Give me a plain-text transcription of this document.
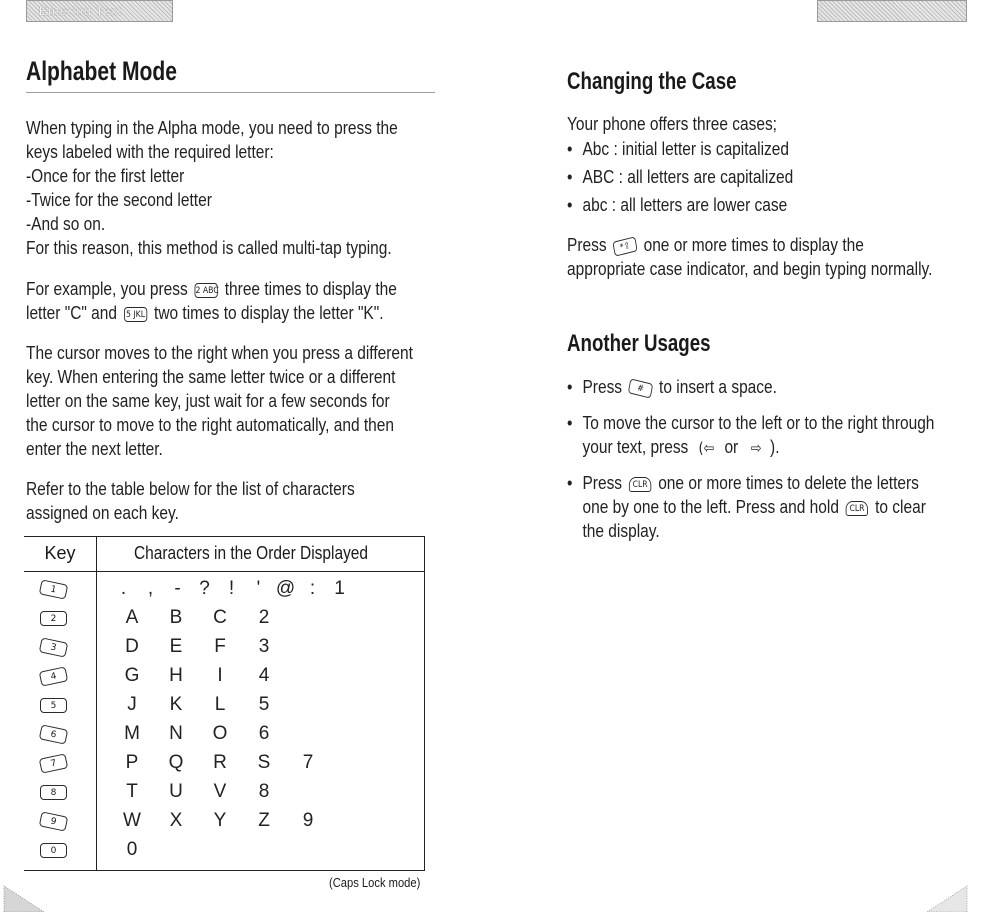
Entering Text
Alphabet Mode

When typing in the Alpha mode, you need to press the

keys labeled with the required letter:

-Once for the first letter

-Twice for the second letter

-And so on.

For this reason, this method is called multi-tap typing.

For example, you press 2 ABC three times to display the

letter "C" and 5 JKL two times to display the letter "K".

The cursor moves to the right when you press a different

key. When entering the same letter twice or a different

letter on the same key, just wait for a few seconds for

the cursor to move to the right automatically, and then

enter the next letter.

Refer to the table below for the list of characters

assigned on each key.

Key	Characters in the Order Displayed
1	. , - ? ! ' @ : 1
2	A B C 2
3	D E F 3
4	G H I 4
5	J K L 5
6	M N O 6
7	P Q R S 7
8	T U V 8
9	W X Y Z 9
0	0
(Caps Lock mode)
Changing the Case

Your phone offers three cases;

• Abc : initial letter is capitalized

• ABC : all letters are capitalized

• abc : all letters are lower case

Press *⇧ one or more times to display the

appropriate case indicator, and begin typing normally.

Another Usages

• Press # to insert a space.

• To move the cursor to the left or to the right through

your text, press (⇦ or ⇨ ).

• Press CLR one or more times to delete the letters

one by one to the left. Press and hold CLR to clear

the display.
